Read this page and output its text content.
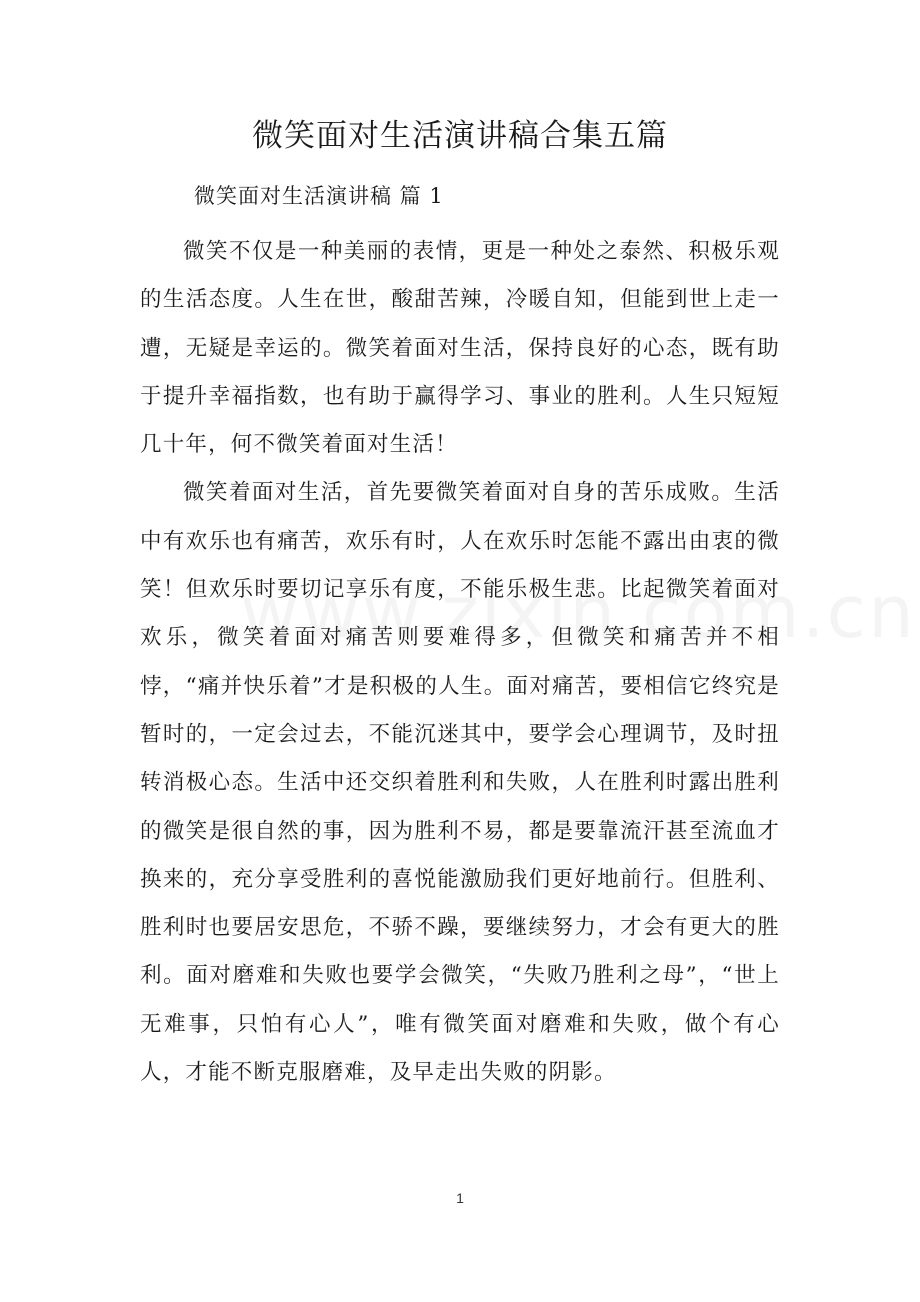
微笑面对生活演讲稿合集五篇

微笑面对生活演讲稿 篇 1

微笑不仅是一种美丽的表情，更是一种处之泰然、积极乐观的生活态度。人生在世，酸甜苦辣，冷暖自知，但能到世上走一遭，无疑是幸运的。微笑着面对生活，保持良好的心态，既有助于提升幸福指数，也有助于赢得学习、事业的胜利。人生只短短几十年，何不微笑着面对生活！

微笑着面对生活，首先要微笑着面对自身的苦乐成败。生活中有欢乐也有痛苦，欢乐有时，人在欢乐时怎能不露出由衷的微笑！但欢乐时要切记享乐有度，不能乐极生悲。比起微笑着面对欢乐，微笑着面对痛苦则要难得多，但微笑和痛苦并不相悖，“痛并快乐着”才是积极的人生。面对痛苦，要相信它终究是暂时的，一定会过去，不能沉迷其中，要学会心理调节，及时扭转消极心态。生活中还交织着胜利和失败，人在胜利时露出胜利的微笑是很自然的事，因为胜利不易，都是要靠流汗甚至流血才换来的，充分享受胜利的喜悦能激励我们更好地前行。但胜利、胜利时也要居安思危，不骄不躁，要继续努力，才会有更大的胜利。面对磨难和失败也要学会微笑，“失败乃胜利之母”，“世上无难事，只怕有心人”，唯有微笑面对磨难和失败，做个有心人，才能不断克服磨难，及早走出失败的阴影。

1
